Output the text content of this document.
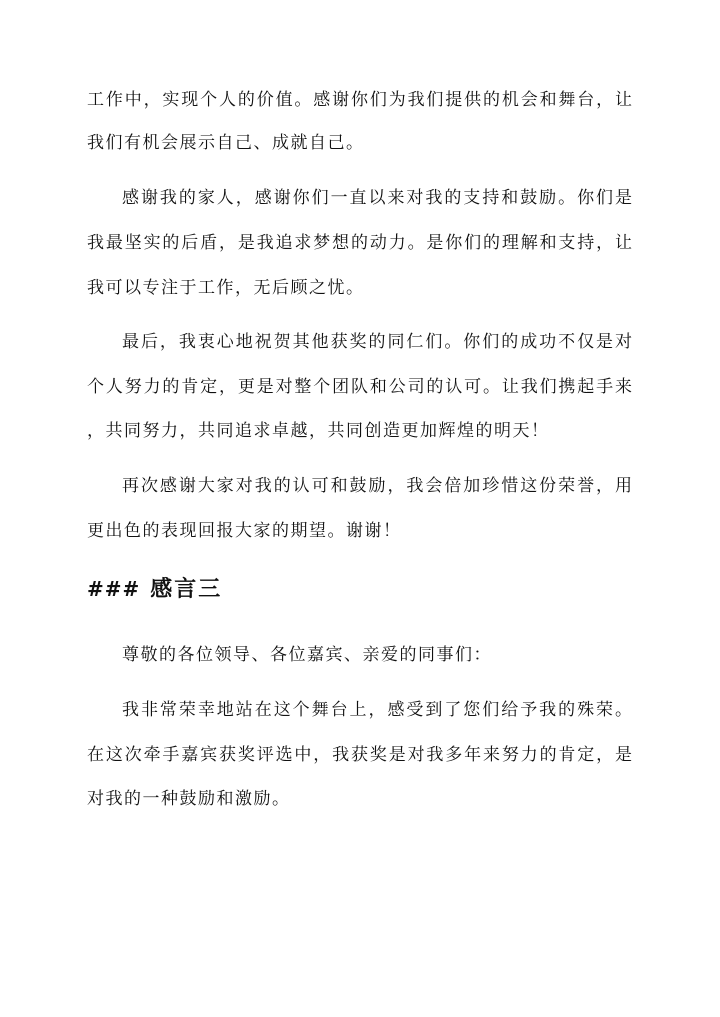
工作中，实现个人的价值。感谢你们为我们提供的机会和舞台，让

我们有机会展示自己、成就自己。

感谢我的家人，感谢你们一直以来对我的支持和鼓励。你们是

我最坚实的后盾，是我追求梦想的动力。是你们的理解和支持，让

我可以专注于工作，无后顾之忧。

最后，我衷心地祝贺其他获奖的同仁们。你们的成功不仅是对

个人努力的肯定，更是对整个团队和公司的认可。让我们携起手来

，共同努力，共同追求卓越，共同创造更加辉煌的明天！

再次感谢大家对我的认可和鼓励，我会倍加珍惜这份荣誉，用

更出色的表现回报大家的期望。谢谢！

### 感言三

尊敬的各位领导、各位嘉宾、亲爱的同事们：

我非常荣幸地站在这个舞台上，感受到了您们给予我的殊荣。

在这次牵手嘉宾获奖评选中，我获奖是对我多年来努力的肯定，是

对我的一种鼓励和激励。
